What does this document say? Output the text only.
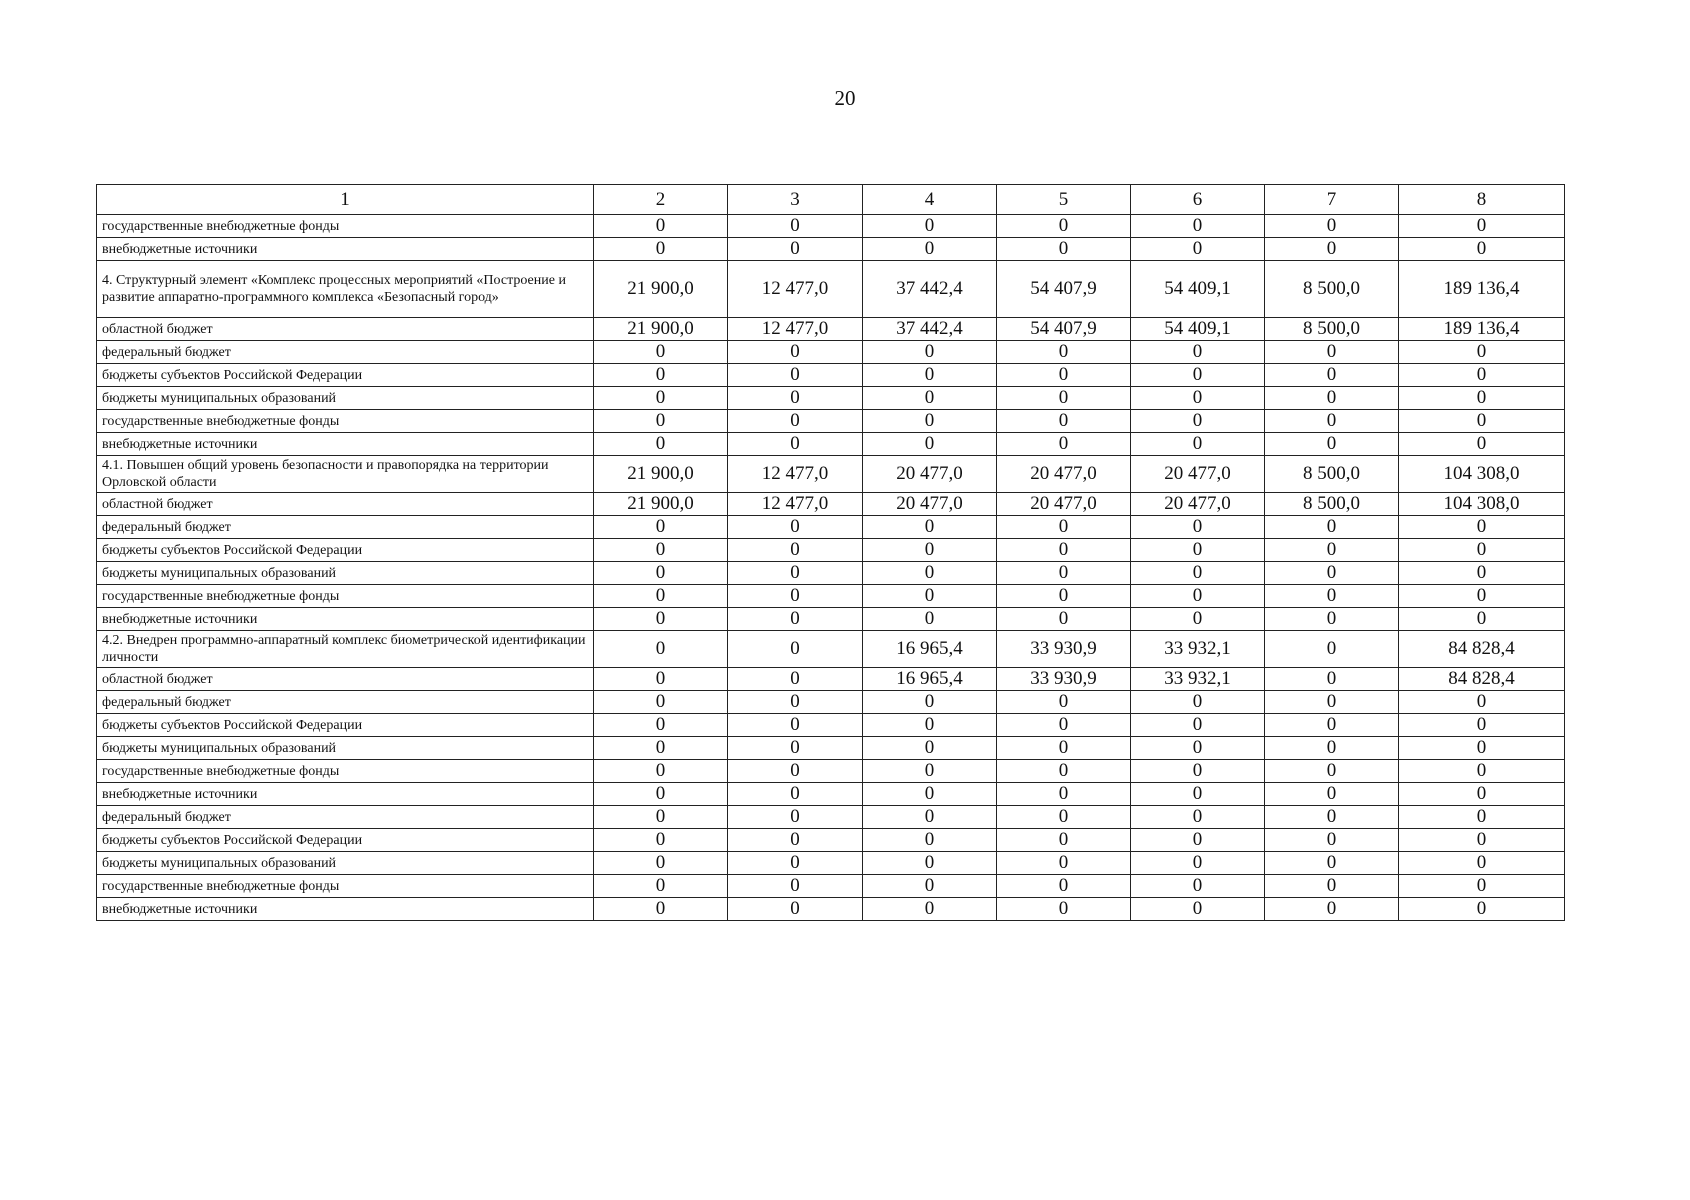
20
1	2	3	4	5	6	7	8
государственные внебюджетные фонды	0	0	0	0	0	0	0
внебюджетные источники	0	0	0	0	0	0	0
4. Структурный элемент «Комплекс процессных мероприятий «Построение и развитие аппаратно-программного комплекса «Безопасный город»	21 900,0	12 477,0	37 442,4	54 407,9	54 409,1	8 500,0	189 136,4
областной бюджет	21 900,0	12 477,0	37 442,4	54 407,9	54 409,1	8 500,0	189 136,4
федеральный бюджет	0	0	0	0	0	0	0
бюджеты субъектов Российской Федерации	0	0	0	0	0	0	0
бюджеты муниципальных образований	0	0	0	0	0	0	0
государственные внебюджетные фонды	0	0	0	0	0	0	0
внебюджетные источники	0	0	0	0	0	0	0
4.1. Повышен общий уровень безопасности и правопорядка на территории Орловской области	21 900,0	12 477,0	20 477,0	20 477,0	20 477,0	8 500,0	104 308,0
областной бюджет	21 900,0	12 477,0	20 477,0	20 477,0	20 477,0	8 500,0	104 308,0
федеральный бюджет	0	0	0	0	0	0	0
бюджеты субъектов Российской Федерации	0	0	0	0	0	0	0
бюджеты муниципальных образований	0	0	0	0	0	0	0
государственные внебюджетные фонды	0	0	0	0	0	0	0
внебюджетные источники	0	0	0	0	0	0	0
4.2. Внедрен программно-аппаратный комплекс биометрической идентификации личности	0	0	16 965,4	33 930,9	33 932,1	0	84 828,4
областной бюджет	0	0	16 965,4	33 930,9	33 932,1	0	84 828,4
федеральный бюджет	0	0	0	0	0	0	0
бюджеты субъектов Российской Федерации	0	0	0	0	0	0	0
бюджеты муниципальных образований	0	0	0	0	0	0	0
государственные внебюджетные фонды	0	0	0	0	0	0	0
внебюджетные источники	0	0	0	0	0	0	0
федеральный бюджет	0	0	0	0	0	0	0
бюджеты субъектов Российской Федерации	0	0	0	0	0	0	0
бюджеты муниципальных образований	0	0	0	0	0	0	0
государственные внебюджетные фонды	0	0	0	0	0	0	0
внебюджетные источники	0	0	0	0	0	0	0
